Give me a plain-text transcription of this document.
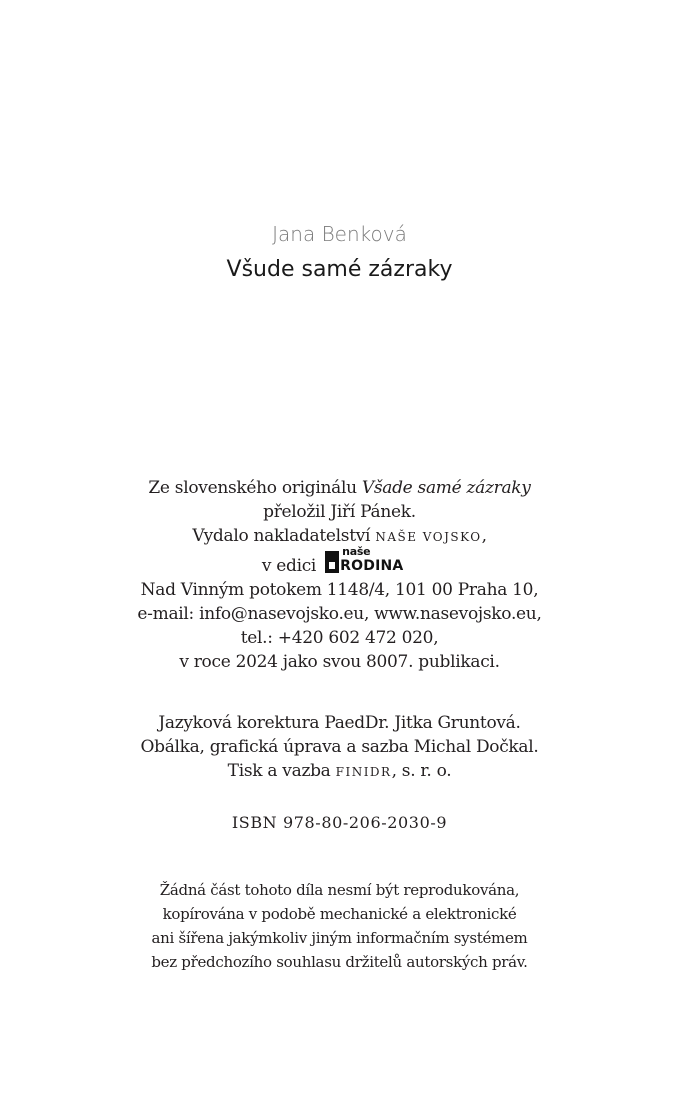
Jana Benková
Všude samé zázraky
Ze slovenského originálu Všade samé zázraky
přeložil Jiří Pánek.
Vydalo nakladatelství NAŠE VOJSKO,
v edici
naše
RODINA
Nad Vinným potokem 1148/4, 101 00 Praha 10,
e-mail: info@nasevojsko.eu, www.nasevojsko.eu,
tel.: +420 602 472 020,
v roce 2024 jako svou 8007. publikaci.
Jazyková korektura PaedDr. Jitka Gruntová.
Obálka, grafická úprava a sazba Michal Dočkal.
Tisk a vazba FINIDR, s. r. o.
ISBN 978-80-206-2030-9
Žádná část tohoto díla nesmí být reprodukována,
kopírována v podobě mechanické a elektronické
ani šířena jakýmkoliv jiným informačním systémem
bez předchozího souhlasu držitelů autorských práv.
